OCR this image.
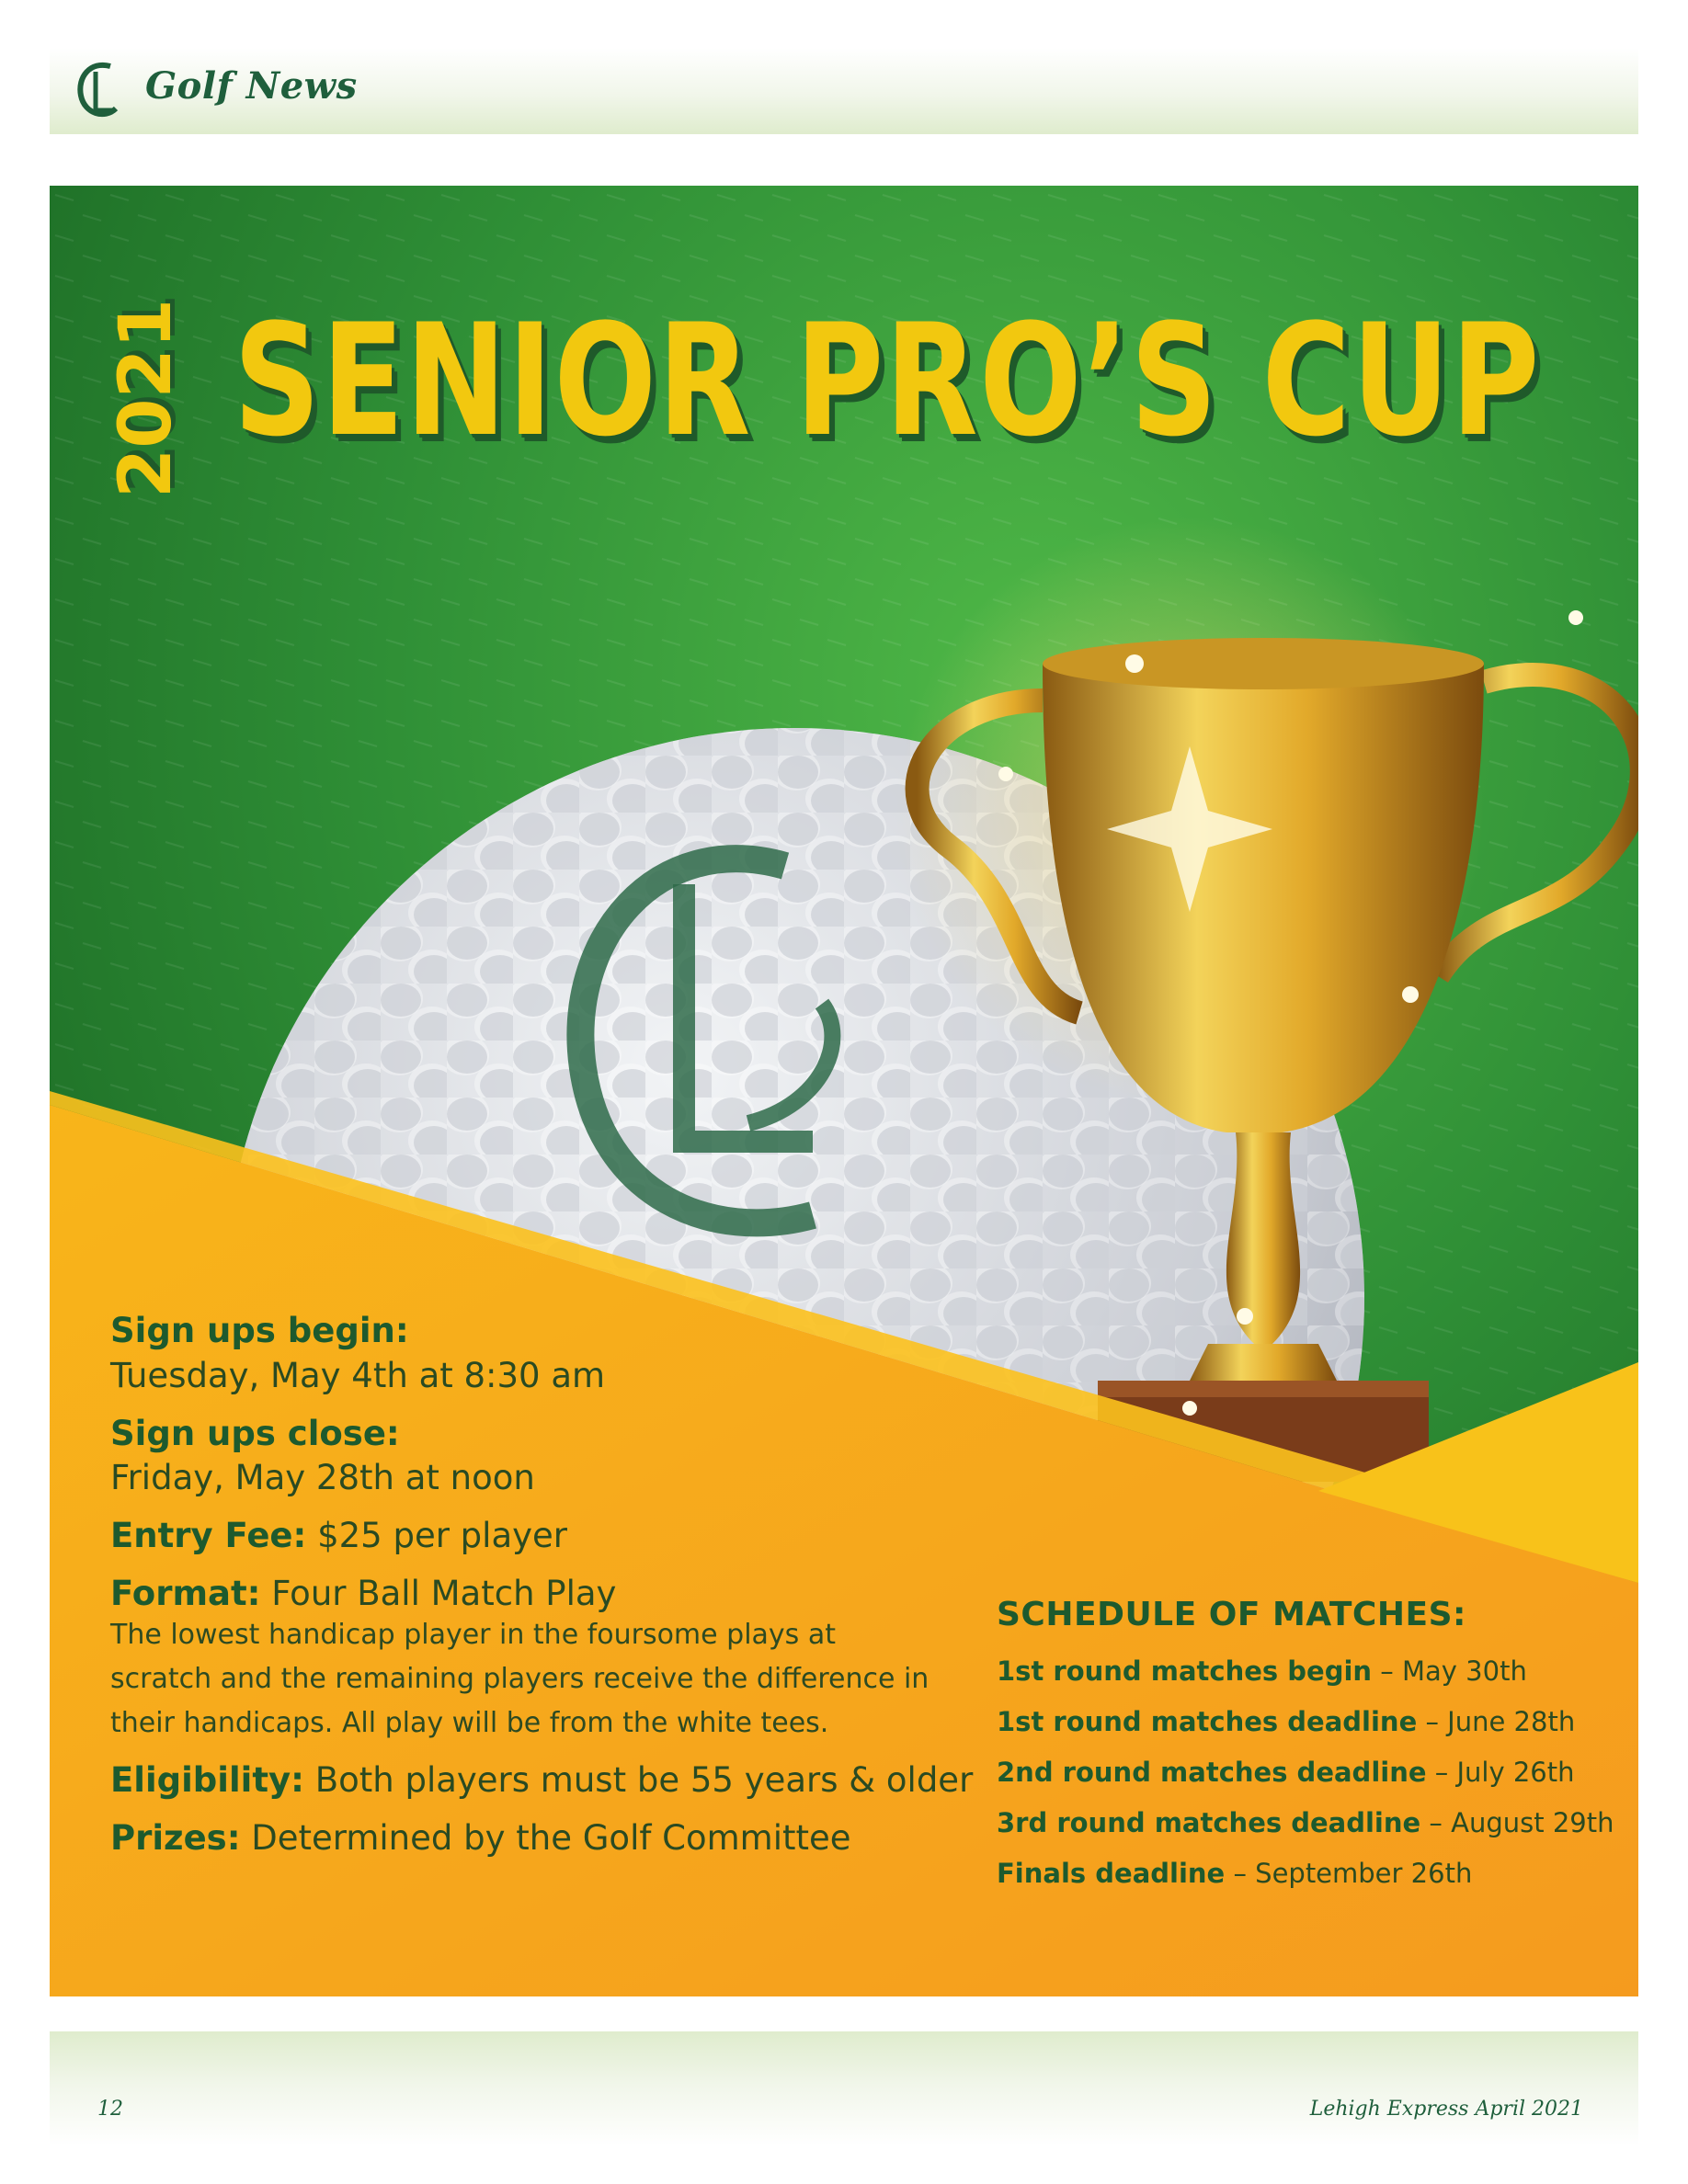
Golf News
2021 SENIOR PRO’S CUP
Sign ups begin:
Tuesday, May 4th at 8:30 am
Sign ups close:
Friday, May 28th at noon
Entry Fee: $25 per player
Format: Four Ball Match Play
The lowest handicap player in the foursome plays at scratch and the remaining players receive the difference in their handicaps. All play will be from the white tees.
Eligibility: Both players must be 55 years & older
Prizes: Determined by the Golf Committee
SCHEDULE OF MATCHES:
1st round matches begin – May 30th
1st round matches deadline – June 28th
2nd round matches deadline – July 26th
3rd round matches deadline – August 29th
Finals deadline – September 26th
12	Lehigh Express April 2021
